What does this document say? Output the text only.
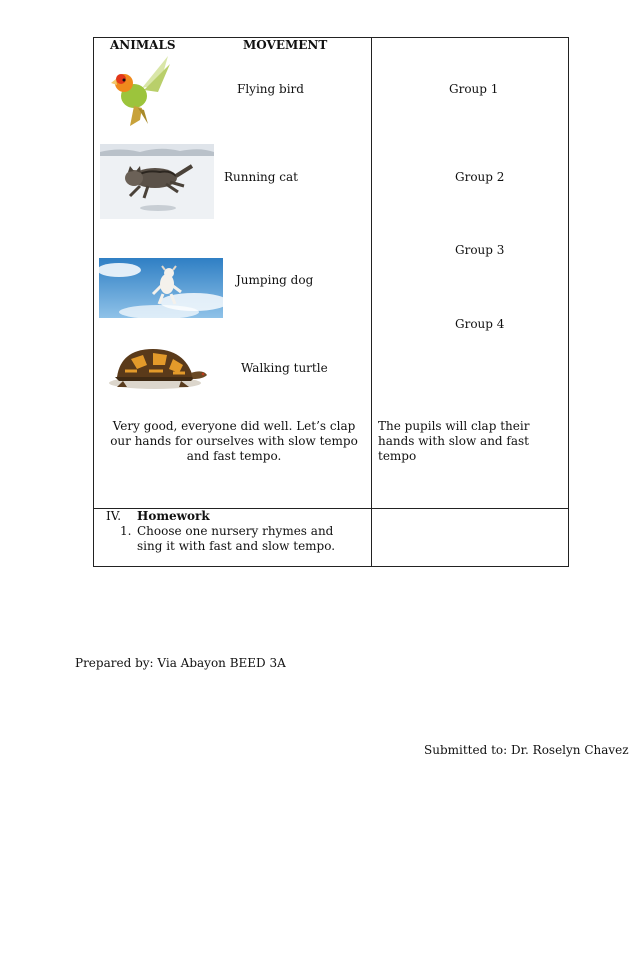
ANIMALS	MOVEMENT
Flying bird
Running cat
Jumping dog
Walking turtle
Group 1
Group 2
Group 3
Group 4
Very good, everyone did well. Let’s clap our hands for ourselves with slow tempo and fast tempo.
The pupils will clap their hands with slow and fast tempo
IV. Homework
1. Choose one nursery rhymes and sing it with fast and slow tempo.
Prepared by: Via Abayon BEED 3A
Submitted to: Dr. Roselyn Chavez
